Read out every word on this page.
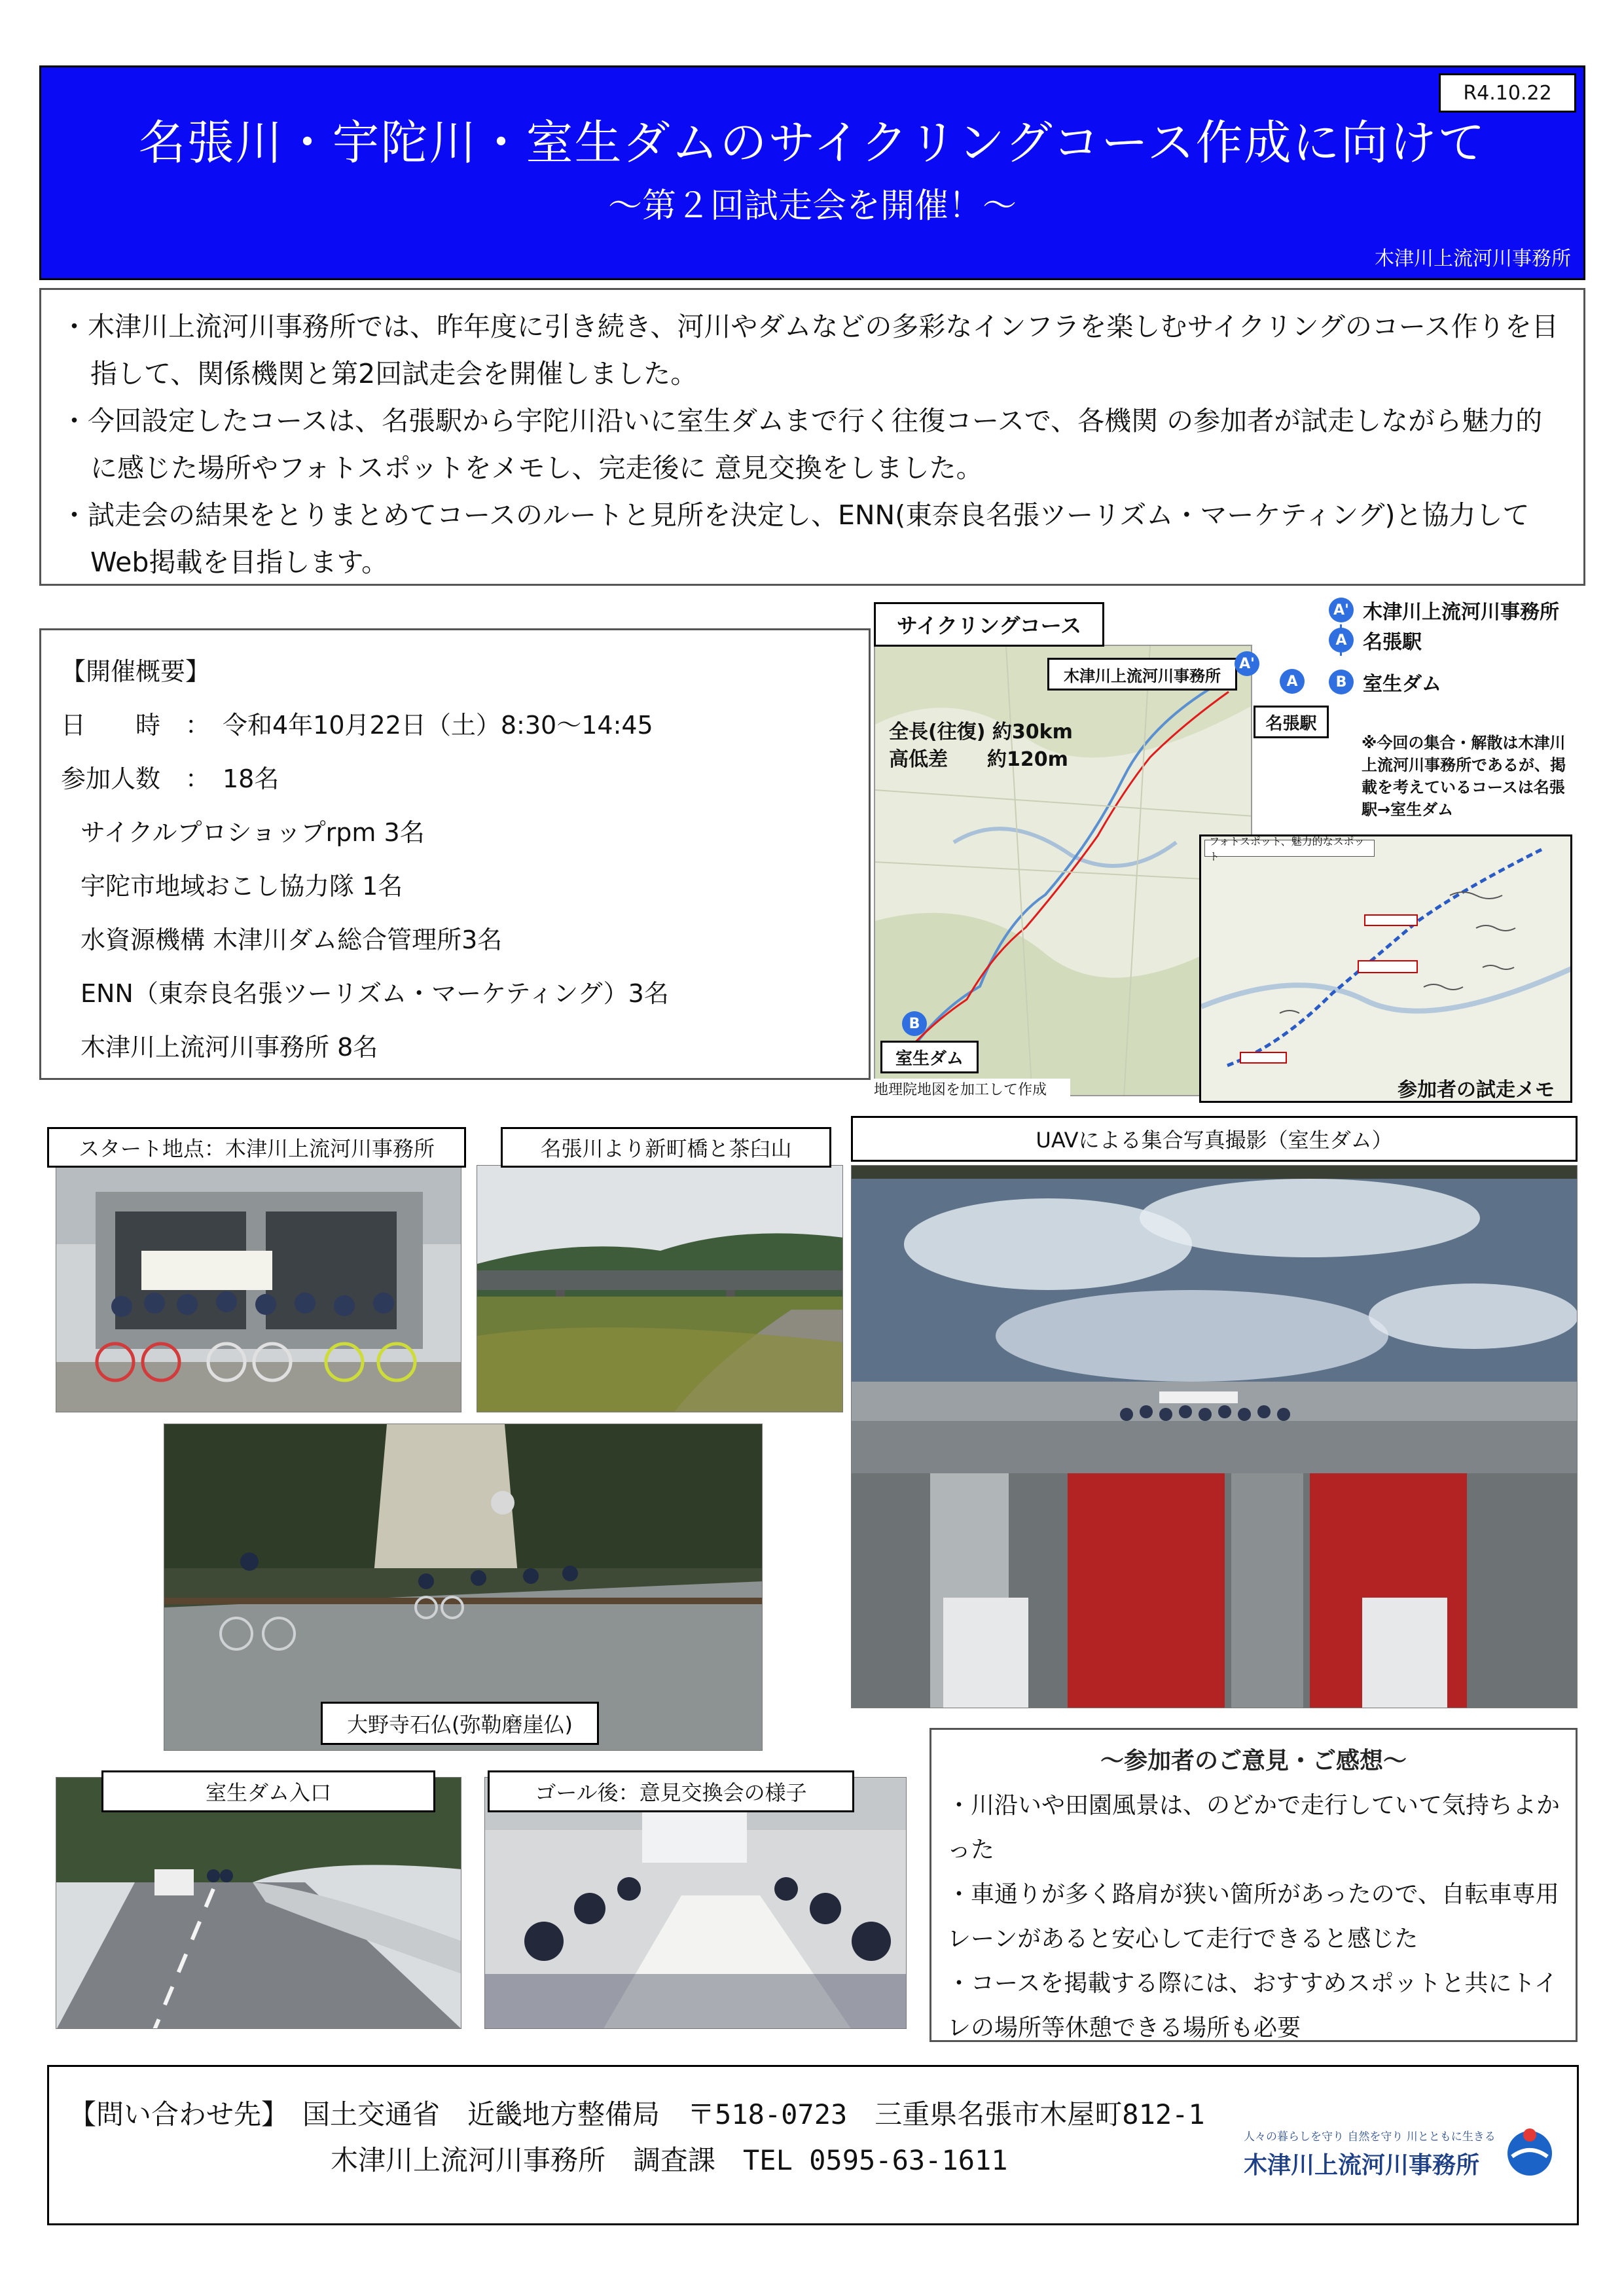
R4.10.22
名張川・宇陀川・室生ダムのサイクリングコース作成に向けて
～第２回試走会を開催！～
木津川上流河川事務所
・木津川上流河川事務所では、昨年度に引き続き、河川やダムなどの多彩なインフラを楽しむサイクリングのコース作りを目指して、関係機関と第2回試走会を開催しました。
・今回設定したコースは、名張駅から宇陀川沿いに室生ダムまで行く往復コースで、各機関 の参加者が試走しながら魅力的に感じた場所やフォトスポットをメモし、完走後に 意見交換をしました。
・試走会の結果をとりまとめてコースのルートと見所を決定し、ENN(東奈良名張ツーリズム・マーケティング)と協力してWeb掲載を目指します。
【開催概要】
日　　時　：　令和4年10月22日（土）8:30～14:45
参加人数　：　18名
サイクルプロショップrpm 3名
宇陀市地域おこし協力隊 1名
水資源機構 木津川ダム総合管理所3名
ENN（東奈良名張ツーリズム・マーケティング）3名
木津川上流河川事務所 8名
木津川上流河川事務所
A'
A
名張駅
全長(往復) 約30km
高低差　　約120m
B
室生ダム
地理院地図を加工して作成
サイクリングコース
A' 木津川上流河川事務所
A 名張駅
B 室生ダム
※今回の集合・解散は木津川上流河川事務所であるが、掲載を考えているコースは名張駅→室生ダム
フォトスポット、魅力的なスポット
参加者の試走メモ
スタート地点：木津川上流河川事務所	名張川より新町橋と茶臼山	UAVによる集合写真撮影（室生ダム）
大野寺石仏(弥勒磨崖仏)
室生ダム入口	ゴール後：意見交換会の様子
～参加者のご意見・ご感想～
・川沿いや田園風景は、のどかで走行していて気持ちよかった
・車通りが多く路肩が狭い箇所があったので、自転車専用レーンがあると安心して走行できると感じた
・コースを掲載する際には、おすすめスポットと共にトイレの場所等休憩できる場所も必要
【問い合わせ先】　国土交通省　近畿地方整備局　〒518-0723　三重県名張市木屋町812-1
木津川上流河川事務所　調査課　TEL 0595-63-1611
人々の暮らしを守り 自然を守り 川とともに生きる
木津川上流河川事務所
